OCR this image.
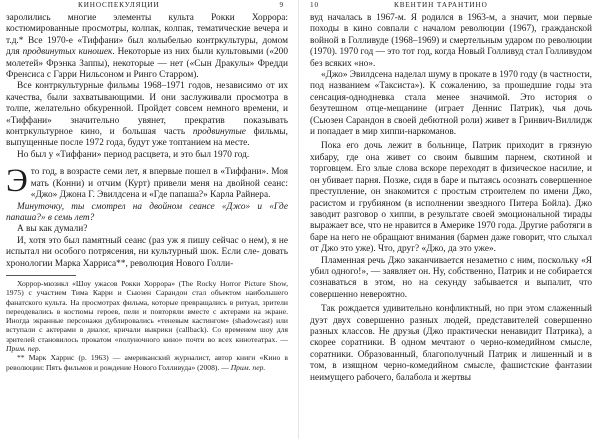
КИНОСПЕКУЛЯЦИИ	9

заролились многие элементы культа Рокки Хоррора: костюмированные просмотры, колпак, колпак, тематические вечера и т.д.* Все 1970-е «Тиффани» был колыбелью контркультуры, домом для продвинутых киношек. Некоторые из них были культовыми («200 молетей» Фрэнка Заппы), некоторые — нет («Сын Дракулы» Фредди Френсиса с Гарри Нильсоном и Ринго Старром).

Все контркультурные фильмы 1968–1971 годов, независимо от их качества, были захватывающими. И они заслуживали просмотра в толпе, желательно обкуренной. Пройдет совсем немного времени, и «Тиффани» значительно увянет, прекратив показывать контркультурное кино, и большая часть продвинутые фильмы, выпущенные после 1972 года, будут уже топтанием на месте.

Но был у «Тиффани» период расцвета, и это был 1970 год.

Это год, в возрасте семи лет, я впервые пошел в «Тиффани». Моя мать (Конни) и отчим (Курт) привели меня на двойной сеанс: «Джо» Джона Г. Эвилдсена и «Где папаша?» Карла Райнера.

Минуточку, ты смотрел на двойном сеансе «Джо» и «Где папаша?» в семь лет?

А вы как думали?

И, хотя это был памятный сеанс (раз уж я пишу сейчас о нем), я не испытал ни особого потрясения, ни культурный шок. Если сле- довать хронологии Марка Харриса**, революция Нового Голли-

Хоррор-мюзикл «Шоу ужасов Рокки Хоррора» (The Rocky Horror Picture Show, 1975) с участием Тима Карри и Сьюзен Сарандон стал объектом наибольшего фанатского культа. На просмотрах фильма, которые превращались в ритуал, зрители переодевались в костюмы героев, пели и повторяли вместе с актерами на экране. Иногда экранные персонажи дублировались «теневым кастингом» (shadowcast) или вступали с актерами в диалог, кричали выкрики (callback). Со временем шоу для зрителей становилось прокатом «полуночного кино» почти во всех кинотеатрах. — Прим. пер.

** Марк Харрис (р. 1963) — американский журналист, автор книги «Кино в революции: Пять фильмов и рождение Нового Голливуда» (2008). — Прим. пер.

10	КВЕНТИН ТАРАНТИНО

вуд началась в 1967-м. Я родился в 1963-м, а значит, мои первые походы в кино совпали с началом революции (1967), гражданской войной в Голливуде (1968–1969) и смертельным ударом по революции (1970). 1970 год — это тот год, когда Новый Голливуд стал Голливудом без всяких «но».

«Джо» Эвилдсена наделал шуму в прокате в 1970 году (в частности, под названием «Таксиста»). К сожалению, за прошедшие годы эта сенсация-однодневка стала менее значимой. Это история о безутешном отце-мещанине (играет Деннис Патрик), чья дочь (Сьюзен Сарандон в своей дебютной роли) живет в Гринвич-Виллидж и попадает в мир хиппи-наркоманов.

Пока его дочь лежит в больнице, Патрик приходит в грязную хибару, где она живет со своим бывшим парнем, скотиной и торговцем. Его злые слова вскоре переходят в физическое насилие, и он убивает парня. Позже, сидя в баре и пытаясь осознать совершенное преступление, он знакомится с простым строителем по имени Джо, расистом и грубияном (в исполнении звездного Питера Бойла). Джо заводит разговор о хиппи, в результате своей эмоциональной тирады выражает все, что не нравится в Америке 1970 года. Другие работяги в баре на него не обращают внимания (бармен даже говорит, что слыхал от Джо это уже). Что, друг? «Джо, да это уже».

Пламенная речь Джо заканчивается незаметно с ним, поскольку «Я убил одного!», — заявляет он. Ну, собственно, Патрик и не собирается сознаваться в этом, но на секунду забывается и выпалит, что совершенно невероятно.

Так рождается удивительно конфликтный, но при этом слаженный дуэт двух совершенно разных людей, представителей совершенно разных классов. Не друзья (Джо практически ненавидит Патрика), а скорее соратники. В одном мечтают о черно-комедийном смысле, соратники. Образованный, благополучный Патрик и лишенный и в том, в изящном черно-комедийном смысле, фашистские фантазии неимущего рабочего, балабола и жертвы
